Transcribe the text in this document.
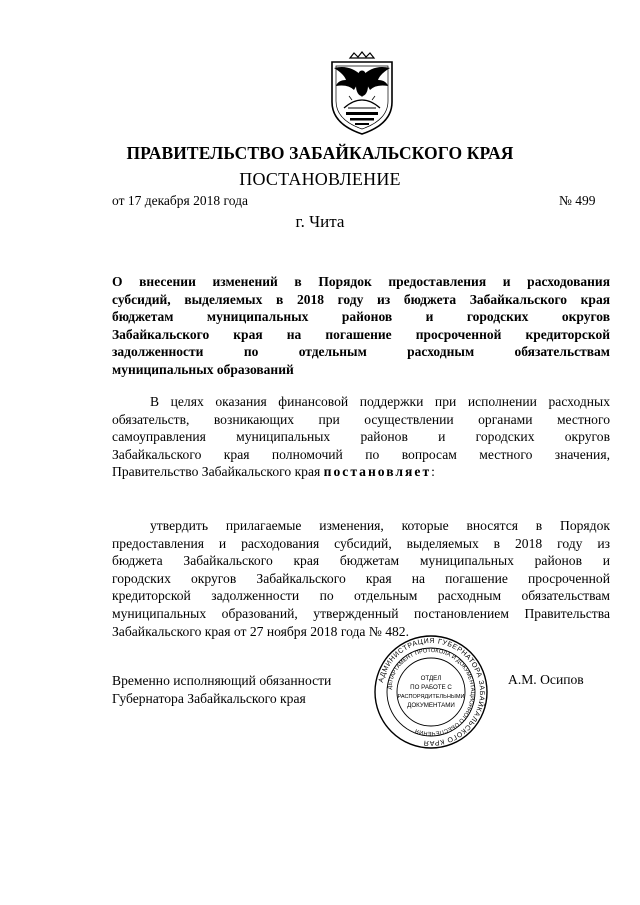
ПРАВИТЕЛЬСТВО ЗАБАЙКАЛЬСКОГО КРАЯ
ПОСТАНОВЛЕНИЕ
от 17 декабря 2018 года	№ 499
г. Чита
О внесении изменений в Порядок предоставления и расходования
субсидий, выделяемых в 2018 году из бюджета Забайкальского края
бюджетам муниципальных районов и городских округов
Забайкальского края на погашение просроченной кредиторской
задолженности по отдельным расходным обязательствам
муниципальных образований
В целях оказания финансовой поддержки при исполнении расходных
обязательств, возникающих при осуществлении органами местного
самоуправления муниципальных районов и городских округов
Забайкальского края полномочий по вопросам местного значения,
Правительство Забайкальского края постановляет:
утвердить прилагаемые изменения, которые вносятся в Порядок
предоставления и расходования субсидий, выделяемых в 2018 году из
бюджета Забайкальского края бюджетам муниципальных районов и
городских округов Забайкальского края на погашение просроченной
кредиторской задолженности по отдельным расходным обязательствам
муниципальных образований, утвержденный постановлением Правительства
Забайкальского края от 27 ноября 2018 года № 482.
Временно исполняющий обязанности
Губернатора Забайкальского края
А.М. Осипов
АДМИНИСТРАЦИЯ ГУБЕРНАТОРА ЗАБАЙКАЛЬСКОГО КРАЯ
ДЕПАРТАМЕНТ ПРОТОКОЛА И ДОКУМЕНТАЦИОННОГО ОБЕСПЕЧЕНИЯ
ОТДЕЛ
ПО РАБОТЕ С
РАСПОРЯДИТЕЛЬНЫМИ
ДОКУМЕНТАМИ
